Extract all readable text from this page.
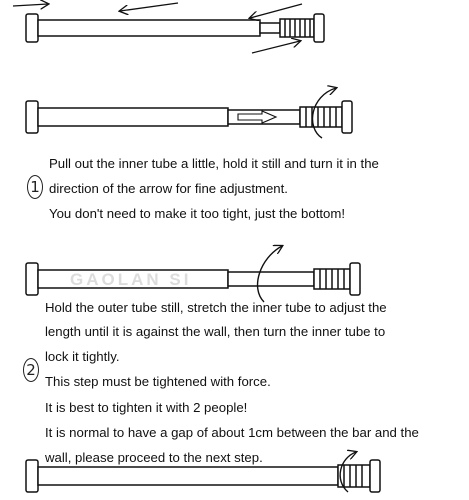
GAOLAN SI
1
Pull out the inner tube a little, hold it still and turn it in the
direction of the arrow for fine adjustment.
You don't need to make it too tight, just the bottom!
2
Hold the outer tube still, stretch the inner tube to adjust the
length until it is against the wall, then turn the inner tube to
lock it tightly.
This step must be tightened with force.
It is best to tighten it with 2 people!
It is normal to have a gap of about 1cm between the bar and the
wall, please proceed to the next step.
